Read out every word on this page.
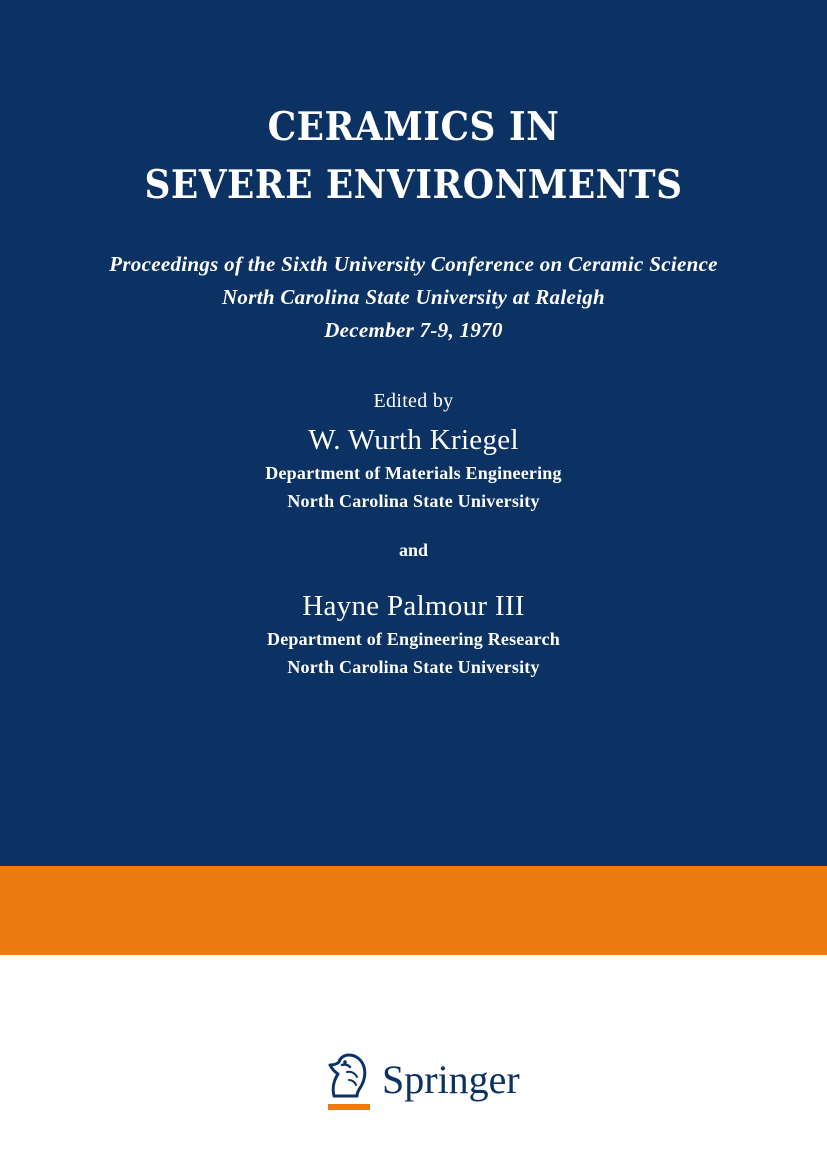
CERAMICS IN

SEVERE ENVIRONMENTS

Proceedings of the Sixth University Conference on Ceramic Science

North Carolina State University at Raleigh

December 7-9, 1970

Edited by

W. Wurth Kriegel

Department of Materials Engineering

North Carolina State University

and

Hayne Palmour III

Department of Engineering Research

North Carolina State University

Springer
